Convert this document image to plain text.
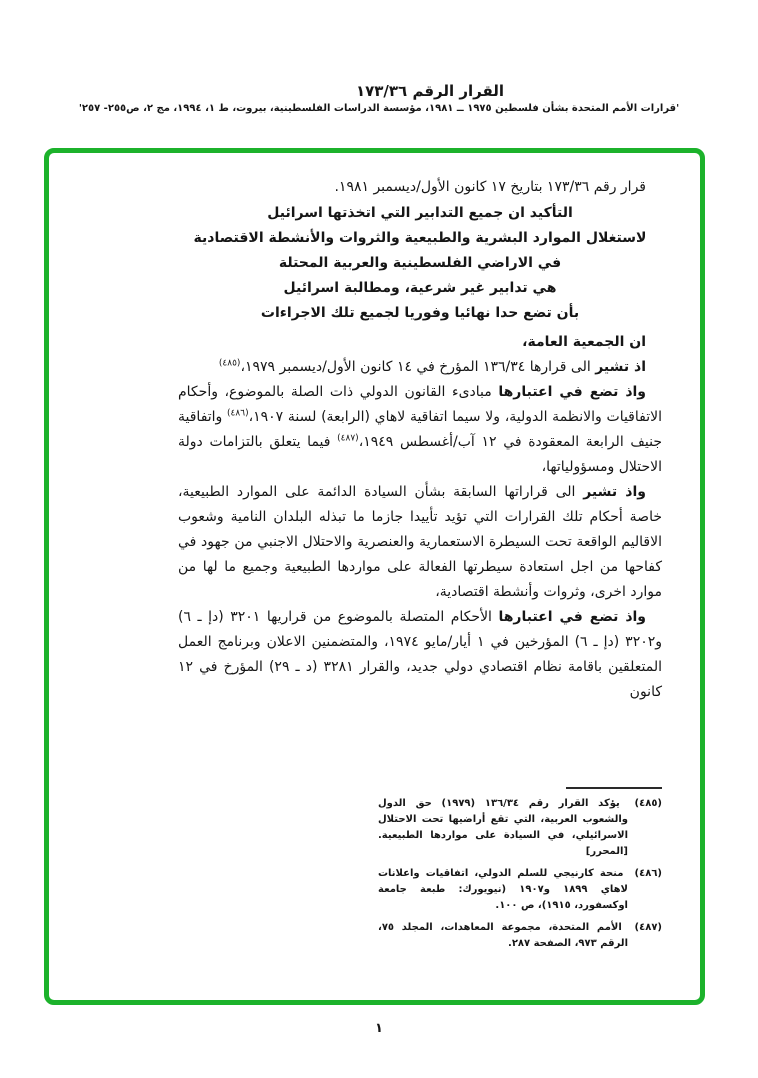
القرار الرقم ١٧٣/٣٦
'قرارات الأمم المتحدة بشأن فلسطين ١٩٧٥ ــ ١٩٨١، مؤسسة الدراسات الفلسطينية، بيروت، ط ١، ١٩٩٤، مج ٢، ص٢٥٥- ٢٥٧'

قرار رقم ١٧٣/٣٦ بتاريخ ١٧ كانون الأول/ديسمبر ١٩٨١.

التأكيد ان جميع التدابير التي اتخذتها اسرائيل
لاستغلال الموارد البشرية والطبيعية والثروات والأنشطة الاقتصادية
في الاراضي الفلسطينية والعربية المحتلة
هي تدابير غير شرعية، ومطالبة اسرائيل
بأن تضع حدا نهائيا وفوريا لجميع تلك الاجراءات

ان الجمعية العامة،

اذ تشير الى قرارها ١٣٦/٣٤ المؤرخ في ١٤ كانون الأول/ديسمبر ١٩٧٩،$^{(٤٨٥)}$

واذ تضع في اعتبارها مبادىء القانون الدولي ذات الصلة بالموضوع، وأحكام الاتفاقيات والانظمة الدولية، ولا سيما اتفاقية لاهاي (الرابعة) لسنة ١٩٠٧،$^{(٤٨٦)}$ واتفاقية جنيف الرابعة المعقودة في ١٢ آب/أغسطس ١٩٤٩،$^{(٤٨٧)}$ فيما يتعلق بالتزامات دولة الاحتلال ومسؤولياتها،

واذ تشير الى قراراتها السابقة بشأن السيادة الدائمة على الموارد الطبيعية، خاصة أحكام تلك القرارات التي تؤيد تأييدا جازما ما تبذله البلدان النامية وشعوب الاقاليم الواقعة تحت السيطرة الاستعمارية والعنصرية والاحتلال الاجنبي من جهود في كفاحها من اجل استعادة سيطرتها الفعالة على مواردها الطبيعية وجميع ما لها من موارد اخرى، وثروات وأنشطة اقتصادية،

واذ تضع في اعتبارها الأحكام المتصلة بالموضوع من قراريها ٣٢٠١ (دإ ـ ٦) و٣٢٠٢ (دإ ـ ٦) المؤرخين في ١ أيار/مايو ١٩٧٤، والمتضمنين الاعلان وبرنامج العمل المتعلقين باقامة نظام اقتصادي دولي جديد، والقرار ٣٢٨١ (د ـ ٢٩) المؤرخ في ١٢ كانون

(٤٨٥) يؤكد القرار رقم ١٣٦/٣٤ (١٩٧٩) حق الدول والشعوب العربية، التي تقع أراضيها تحت الاحتلال الاسرائيلي، في السيادة على مواردها الطبيعية. [المحرر]

(٤٨٦) منحة كارنيجي للسلم الدولي، اتفاقيات واعلانات لاهاي ١٨٩٩ و١٩٠٧ (نيويورك: طبعة جامعة اوكسفورد، ١٩١٥)، ص ١٠٠.

(٤٨٧) الأمم المتحدة، مجموعة المعاهدات، المجلد ٧٥، الرقم ٩٧٣، الصفحة ٢٨٧.

١
